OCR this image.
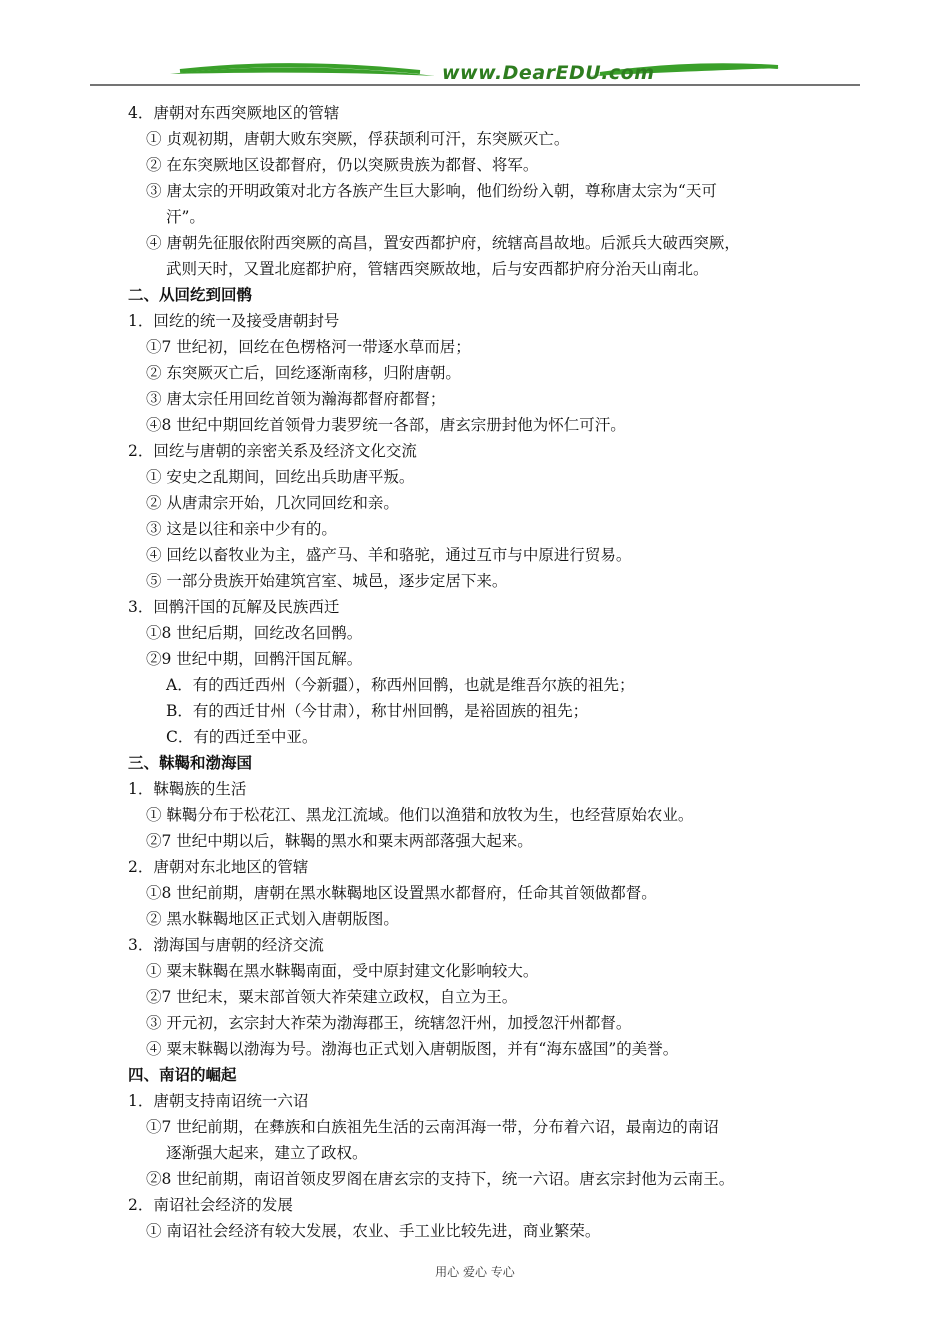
www.DearEDU.com
4．唐朝对东西突厥地区的管辖
① 贞观初期，唐朝大败东突厥，俘获颉利可汗，东突厥灭亡。
② 在东突厥地区设都督府，仍以突厥贵族为都督、将军。
③ 唐太宗的开明政策对北方各族产生巨大影响，他们纷纷入朝，尊称唐太宗为“天可
汗”。
④ 唐朝先征服依附西突厥的高昌，置安西都护府，统辖高昌故地。后派兵大破西突厥，
武则天时，又置北庭都护府，管辖西突厥故地，后与安西都护府分治天山南北。
二、从回纥到回鹘
1．回纥的统一及接受唐朝封号
①7 世纪初，回纥在色楞格河一带逐水草而居；
② 东突厥灭亡后，回纥逐渐南移，归附唐朝。
③ 唐太宗任用回纥首领为瀚海都督府都督；
④8 世纪中期回纥首领骨力裴罗统一各部，唐玄宗册封他为怀仁可汗。
2．回纥与唐朝的亲密关系及经济文化交流
① 安史之乱期间，回纥出兵助唐平叛。
② 从唐肃宗开始，几次同回纥和亲。
③ 这是以往和亲中少有的。
④ 回纥以畜牧业为主，盛产马、羊和骆驼，通过互市与中原进行贸易。
⑤ 一部分贵族开始建筑宫室、城邑，逐步定居下来。
3．回鹘汗国的瓦解及民族西迁
①8 世纪后期，回纥改名回鹘。
②9 世纪中期，回鹘汗国瓦解。
A．有的西迁西州（今新疆），称西州回鹘，也就是维吾尔族的祖先；
B．有的西迁甘州（今甘肃），称甘州回鹘，是裕固族的祖先；
C．有的西迁至中亚。
三、靺鞨和渤海国
1．靺鞨族的生活
① 靺鞨分布于松花江、黑龙江流域。他们以渔猎和放牧为生，也经营原始农业。
②7 世纪中期以后，靺鞨的黑水和粟末两部落强大起来。
2．唐朝对东北地区的管辖
①8 世纪前期，唐朝在黑水靺鞨地区设置黑水都督府，任命其首领做都督。
② 黑水靺鞨地区正式划入唐朝版图。
3．渤海国与唐朝的经济交流
① 粟末靺鞨在黑水靺鞨南面，受中原封建文化影响较大。
②7 世纪末，粟末部首领大祚荣建立政权，自立为王。
③ 开元初，玄宗封大祚荣为渤海郡王，统辖忽汗州，加授忽汗州都督。
④ 粟末靺鞨以渤海为号。渤海也正式划入唐朝版图，并有“海东盛国”的美誉。
四、南诏的崛起
1．唐朝支持南诏统一六诏
①7 世纪前期，在彝族和白族祖先生活的云南洱海一带，分布着六诏，最南边的南诏
逐渐强大起来，建立了政权。
②8 世纪前期，南诏首领皮罗阁在唐玄宗的支持下，统一六诏。唐玄宗封他为云南王。
2．南诏社会经济的发展
① 南诏社会经济有较大发展，农业、手工业比较先进，商业繁荣。
用心 爱心 专心
